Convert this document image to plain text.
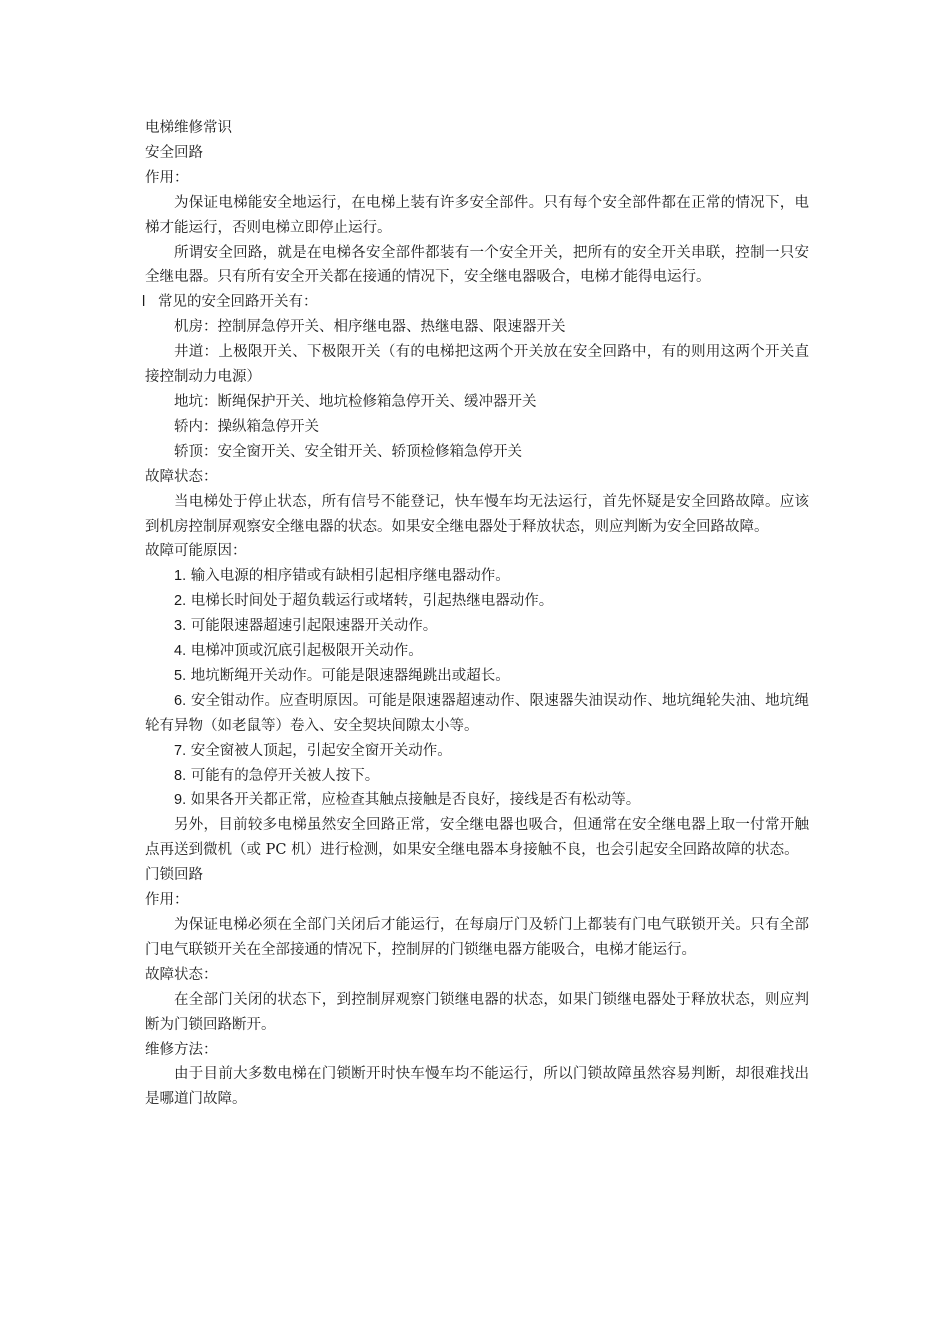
电梯维修常识

安全回路

作用：

为保证电梯能安全地运行，在电梯上装有许多安全部件。只有每个安全部件都在正常的情况下，电梯才能运行，否则电梯立即停止运行。

所谓安全回路，就是在电梯各安全部件都装有一个安全开关，把所有的安全开关串联，控制一只安全继电器。只有所有安全开关都在接通的情况下，安全继电器吸合，电梯才能得电运行。

l 常见的安全回路开关有：

机房：控制屏急停开关、相序继电器、热继电器、限速器开关

井道：上极限开关、下极限开关（有的电梯把这两个开关放在安全回路中，有的则用这两个开关直接控制动力电源）

地坑：断绳保护开关、地坑检修箱急停开关、缓冲器开关

轿内：操纵箱急停开关

轿顶：安全窗开关、安全钳开关、轿顶检修箱急停开关

故障状态：

当电梯处于停止状态，所有信号不能登记，快车慢车均无法运行，首先怀疑是安全回路故障。应该到机房控制屏观察安全继电器的状态。如果安全继电器处于释放状态，则应判断为安全回路故障。

故障可能原因：

1. 输入电源的相序错或有缺相引起相序继电器动作。

2. 电梯长时间处于超负载运行或堵转，引起热继电器动作。

3. 可能限速器超速引起限速器开关动作。

4. 电梯冲顶或沉底引起极限开关动作。

5. 地坑断绳开关动作。可能是限速器绳跳出或超长。

6. 安全钳动作。应查明原因。可能是限速器超速动作、限速器失油误动作、地坑绳轮失油、地坑绳轮有异物（如老鼠等）卷入、安全契块间隙太小等。

7. 安全窗被人顶起，引起安全窗开关动作。

8. 可能有的急停开关被人按下。

9. 如果各开关都正常，应检查其触点接触是否良好，接线是否有松动等。

另外，目前较多电梯虽然安全回路正常，安全继电器也吸合，但通常在安全继电器上取一付常开触点再送到微机（或 PC 机）进行检测，如果安全继电器本身接触不良，也会引起安全回路故障的状态。

门锁回路

作用：

为保证电梯必须在全部门关闭后才能运行，在每扇厅门及轿门上都装有门电气联锁开关。只有全部门电气联锁开关在全部接通的情况下，控制屏的门锁继电器方能吸合，电梯才能运行。

故障状态：

在全部门关闭的状态下，到控制屏观察门锁继电器的状态，如果门锁继电器处于释放状态，则应判断为门锁回路断开。

维修方法：

由于目前大多数电梯在门锁断开时快车慢车均不能运行，所以门锁故障虽然容易判断，却很难找出是哪道门故障。
